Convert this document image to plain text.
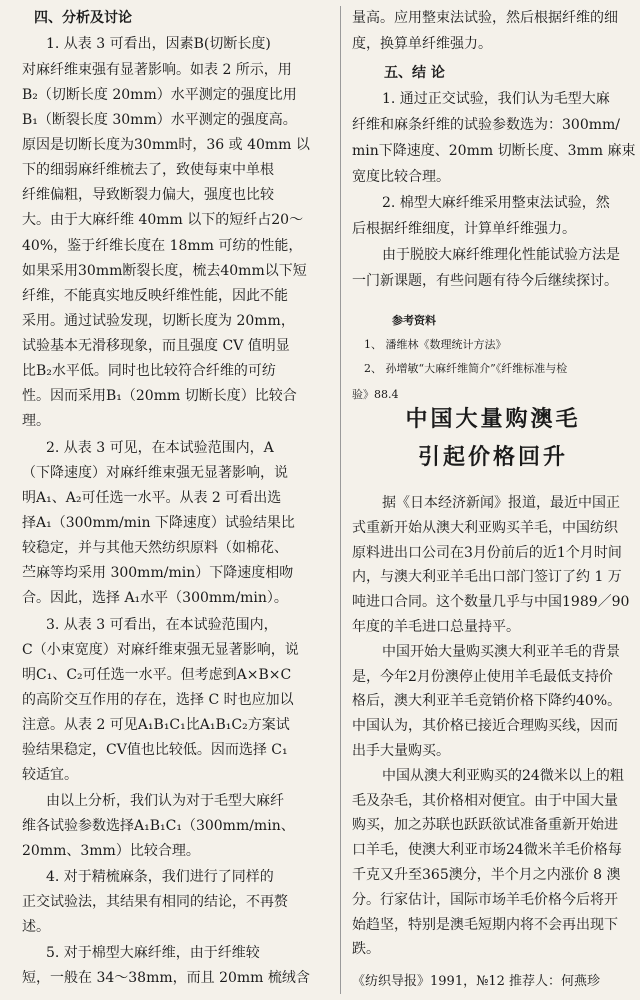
四、分析及讨论
1. 从表 3 可看出，因素B(切断长度)
对麻纤维束强有显著影响。如表 2 所示，用
B₂（切断长度 20mm）水平测定的强度比用
B₁（断裂长度 30mm）水平测定的强度高。
原因是切断长度为30mm时，36 或 40mm 以
下的细弱麻纤维梳去了，致使每束中单根
纤维偏粗，导致断裂力偏大，强度也比较
大。由于大麻纤维 40mm 以下的短纤占20～
40%，鉴于纤维长度在 18mm 可纺的性能，
如果采用30mm断裂长度，梳去40mm以下短
纤维，不能真实地反映纤维性能，因此不能
采用。通过试验发现，切断长度为 20mm，
试验基本无滑移现象，而且强度 CV 值明显
比B₂水平低。同时也比较符合纤维的可纺
性。因而采用B₁（20mm 切断长度）比较合
理。
2. 从表 3 可见，在本试验范围内，A
（下降速度）对麻纤维束强无显著影响，说
明A₁、A₂可任选一水平。从表 2 可看出选
择A₁（300mm/min 下降速度）试验结果比
较稳定，并与其他天然纺织原料（如棉花、
苎麻等均采用 300mm/min）下降速度相吻
合。因此，选择 A₁水平（300mm/min）。
3. 从表 3 可看出，在本试验范围内，
C（小束宽度）对麻纤维束强无显著影响，说
明C₁、C₂可任选一水平。但考虑到A×B×C
的高阶交互作用的存在，选择 C 时也应加以
注意。从表 2 可见A₁B₁C₁比A₁B₁C₂方案试
验结果稳定，CV值也比较低。因而选择 C₁
较适宜。
由以上分析，我们认为对于毛型大麻纤
维各试验参数选择A₁B₁C₁（300mm/min、
20mm、3mm）比较合理。
4. 对于精梳麻条，我们进行了同样的
正交试验法，其结果有相同的结论，不再赘
述。
5. 对于棉型大麻纤维，由于纤维较
短，一般在 34～38mm，而且 20mm 梳绒含
量高。应用整束法试验，然后根据纤维的细
度，换算单纤维强力。
五、结 论
1. 通过正交试验，我们认为毛型大麻
纤维和麻条纤维的试验参数选为：300mm/
min下降速度、20mm 切断长度、3mm 麻束
宽度比较合理。
2. 棉型大麻纤维采用整束法试验，然
后根据纤维细度，计算单纤维强力。
由于脱胶大麻纤维理化性能试验方法是
一门新课题，有些问题有待今后继续探讨。
参考资料
1、 潘维林《数理统计方法》
2、 孙增敏“大麻纤维简介”《纤维标准与检
验》88.4
中国大量购澳毛
引起价格回升
据《日本经济新闻》报道，最近中国正
式重新开始从澳大利亚购买羊毛，中国纺织
原料进出口公司在3月份前后的近1个月时间
内，与澳大利亚羊毛出口部门签订了约 1 万
吨进口合同。这个数量几乎与中国1989／90
年度的羊毛进口总量持平。
中国开始大量购买澳大利亚羊毛的背景
是，今年2月份澳停止使用羊毛最低支持价
格后，澳大利亚羊毛竞销价格下降约40%。
中国认为，其价格已接近合理购买线，因而
出手大量购买。
中国从澳大利亚购买的24微米以上的粗
毛及杂毛，其价格相对便宜。由于中国大量
购买，加之苏联也跃跃欲试准备重新开始进
口羊毛，使澳大利亚市场24微米羊毛价格每
千克又升至365澳分，半个月之内涨价 8 澳
分。行家估计，国际市场羊毛价格今后将开
始趋坚，特别是澳毛短期内将不会再出现下
跌。
《纺织导报》1991，№12 推荐人：何燕珍
